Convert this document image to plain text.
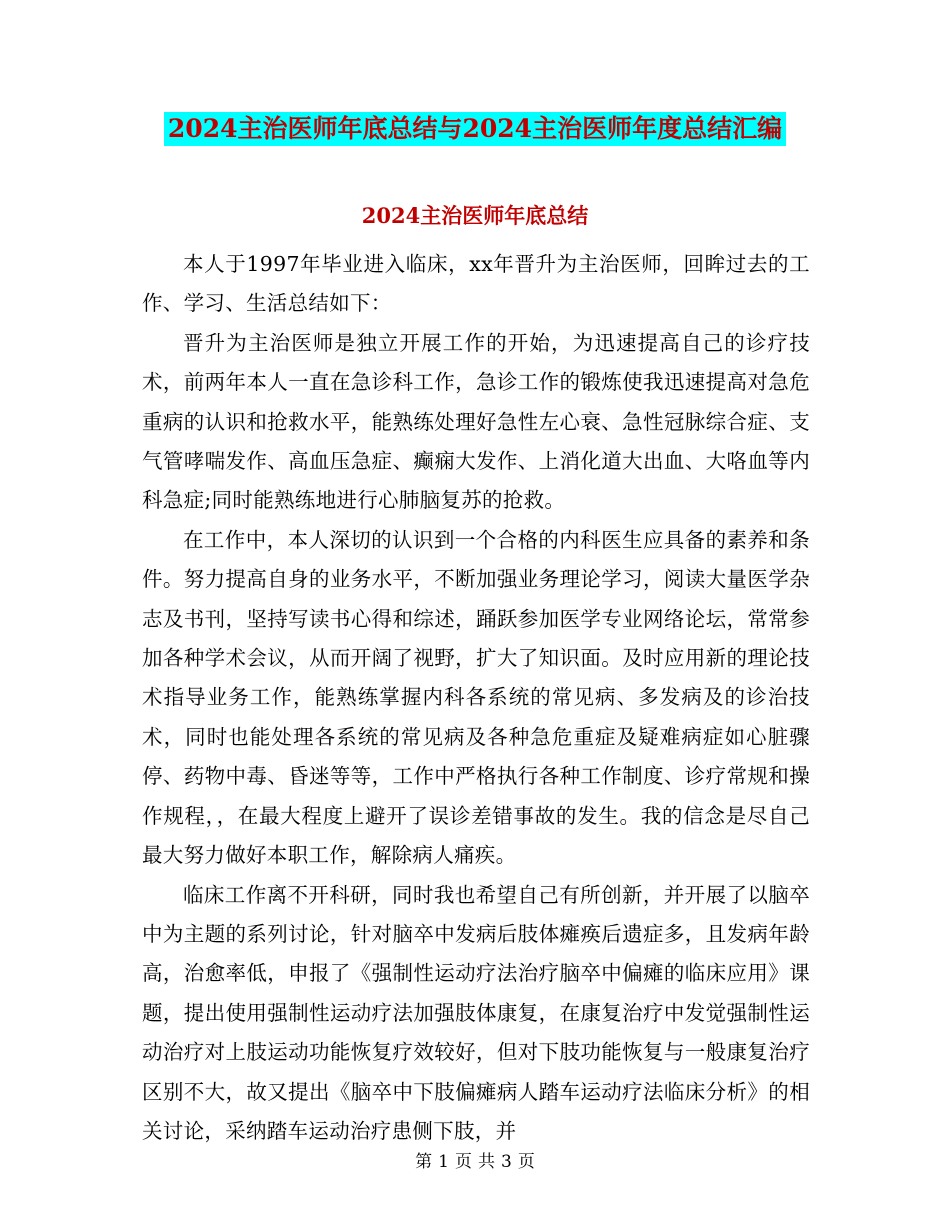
2024主治医师年底总结与2024主治医师年度总结汇编
2024主治医师年底总结

本人于1997年毕业进入临床，xx年晋升为主治医师，回眸过去的工作、学习、生活总结如下：

晋升为主治医师是独立开展工作的开始，为迅速提高自己的诊疗技术，前两年本人一直在急诊科工作，急诊工作的锻炼使我迅速提高对急危重病的认识和抢救水平，能熟练处理好急性左心衰、急性冠脉综合症、支气管哮喘发作、高血压急症、癫痫大发作、上消化道大出血、大咯血等内科急症;同时能熟练地进行心肺脑复苏的抢救。

在工作中，本人深切的认识到一个合格的内科医生应具备的素养和条件。努力提高自身的业务水平，不断加强业务理论学习，阅读大量医学杂志及书刊，坚持写读书心得和综述，踊跃参加医学专业网络论坛，常常参加各种学术会议，从而开阔了视野，扩大了知识面。及时应用新的理论技术指导业务工作，能熟练掌握内科各系统的常见病、多发病及的诊治技术，同时也能处理各系统的常见病及各种急危重症及疑难病症如心脏骤停、药物中毒、昏迷等等，工作中严格执行各种工作制度、诊疗常规和操作规程，，在最大程度上避开了误诊差错事故的发生。我的信念是尽自己最大努力做好本职工作，解除病人痛疾。

临床工作离不开科研，同时我也希望自己有所创新，并开展了以脑卒中为主题的系列讨论，针对脑卒中发病后肢体瘫痪后遗症多，且发病年龄高，治愈率低，申报了《强制性运动疗法治疗脑卒中偏瘫的临床应用》课题，提出使用强制性运动疗法加强肢体康复，在康复治疗中发觉强制性运动治疗对上肢运动功能恢复疗效较好，但对下肢功能恢复与一般康复治疗区别不大，故又提出《脑卒中下肢偏瘫病人踏车运动疗法临床分析》的相关讨论，采纳踏车运动治疗患侧下肢，并

第 1 页 共 3 页
